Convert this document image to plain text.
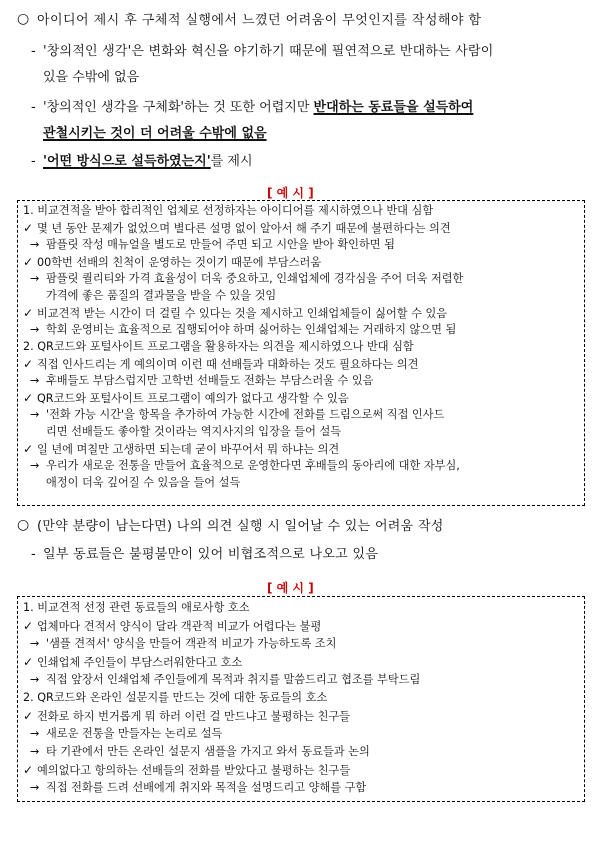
○ 아이디어 제시 후 구체적 실행에서 느꼈던 어려움이 무엇인지를 작성해야 함
- '창의적인 생각'은 변화와 혁신을 야기하기 때문에 필연적으로 반대하는 사람이
있을 수밖에 없음
- '창의적인 생각을 구체화'하는 것 또한 어렵지만 반대하는 동료들을 설득하여
관철시키는 것이 더 어려울 수밖에 없음
- '어떤 방식으로 설득하였는지'를 제시
[ 예 시 ]
1. 비교견적을 받아 합리적인 업체로 선정하자는 아이디어를 제시하였으나 반대 심함
✓ 몇 년 동안 문제가 없었으며 별다른 설명 없이 알아서 해 주기 때문에 불편하다는 의견
→ 팜플릿 작성 매뉴얼을 별도로 만들어 주면 되고 시안을 받아 확인하면 됨
✓ 00학번 선배의 친척이 운영하는 것이기 때문에 부담스러움
→ 팜플릿 퀄리티와 가격 효율성이 더욱 중요하고, 인쇄업체에 경각심을 주어 더욱 저렴한
가격에 좋은 품질의 결과물을 받을 수 있을 것임
✓ 비교견적 받는 시간이 더 걸릴 수 있다는 것을 제시하고 인쇄업체들이 싫어할 수 있음
→ 학회 운영비는 효율적으로 집행되어야 하며 싫어하는 인쇄업체는 거래하지 않으면 됨
2. QR코드와 포털사이트 프로그램을 활용하자는 의견을 제시하였으나 반대 심함
✓ 직접 인사드리는 게 예의이며 이런 때 선배들과 대화하는 것도 필요하다는 의견
→ 후배들도 부담스럽지만 고학번 선배들도 전화는 부담스러울 수 있음
✓ QR코드와 포털사이트 프로그램이 예의가 없다고 생각할 수 있음
→ '전화 가능 시간'을 항목을 추가하여 가능한 시간에 전화를 드림으로써 직접 인사드
리면 선배들도 좋아할 것이라는 역지사지의 입장을 들어 설득
✓ 일 년에 며칠만 고생하면 되는데 굳이 바꾸어서 뭐 하냐는 의견
→ 우리가 새로운 전통을 만들어 효율적으로 운영한다면 후배들의 동아리에 대한 자부심,
애정이 더욱 깊어질 수 있음을 들어 설득
○ (만약 분량이 남는다면) 나의 의견 실행 시 일어날 수 있는 어려움 작성
- 일부 동료들은 불평불만이 있어 비협조적으로 나오고 있음
[ 예 시 ]
1. 비교견적 선정 관련 동료들의 애로사항 호소
✓ 업체마다 견적서 양식이 달라 객관적 비교가 어렵다는 불평
→ '샘플 견적서' 양식을 만들어 객관적 비교가 가능하도록 조치
✓ 인쇄업체 주인들이 부담스러워한다고 호소
→ 직접 앞장서 인쇄업체 주인들에게 목적과 취지를 말씀드리고 협조를 부탁드림
2. QR코드와 온라인 설문지를 만드는 것에 대한 동료들의 호소
✓ 전화로 하지 번거롭게 뭐 하러 이런 걸 만드냐고 불평하는 친구들
→ 새로운 전통을 만들자는 논리로 설득
→ 타 기관에서 만든 온라인 설문지 샘플을 가지고 와서 동료들과 논의
✓ 예의없다고 항의하는 선배들의 전화를 받았다고 불평하는 친구들
→ 직접 전화를 드려 선배에게 취지와 목적을 설명드리고 양해를 구함
